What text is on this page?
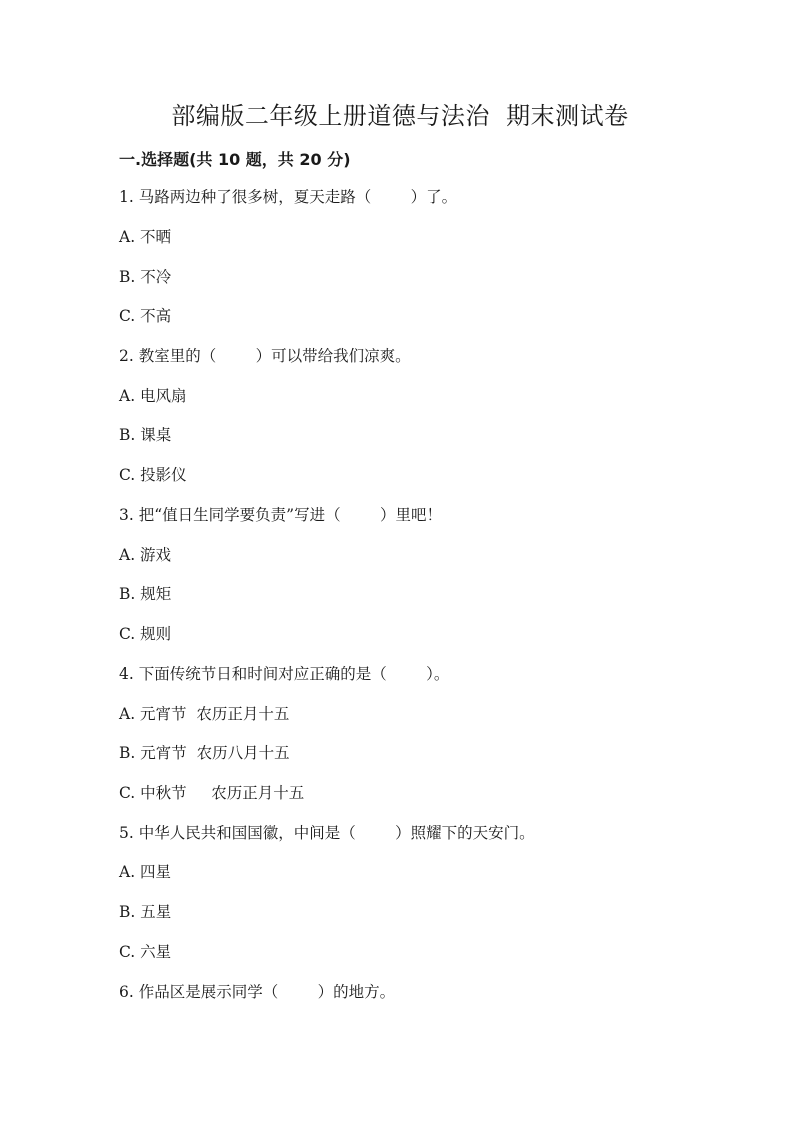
部编版二年级上册道德与法治  期末测试卷
一.选择题(共 10 题，共 20 分)
1. 马路两边种了很多树，夏天走路（        ）了。
A. 不晒
B. 不冷
C. 不高
2. 教室里的（        ）可以带给我们凉爽。
A. 电风扇
B. 课桌
C. 投影仪
3. 把“值日生同学要负责”写进（        ）里吧！
A. 游戏
B. 规矩
C. 规则
4. 下面传统节日和时间对应正确的是（        ）。
A. 元宵节  农历正月十五
B. 元宵节  农历八月十五
C. 中秋节     农历正月十五
5. 中华人民共和国国徽，中间是（        ）照耀下的天安门。
A. 四星
B. 五星
C. 六星
6. 作品区是展示同学（        ）的地方。
